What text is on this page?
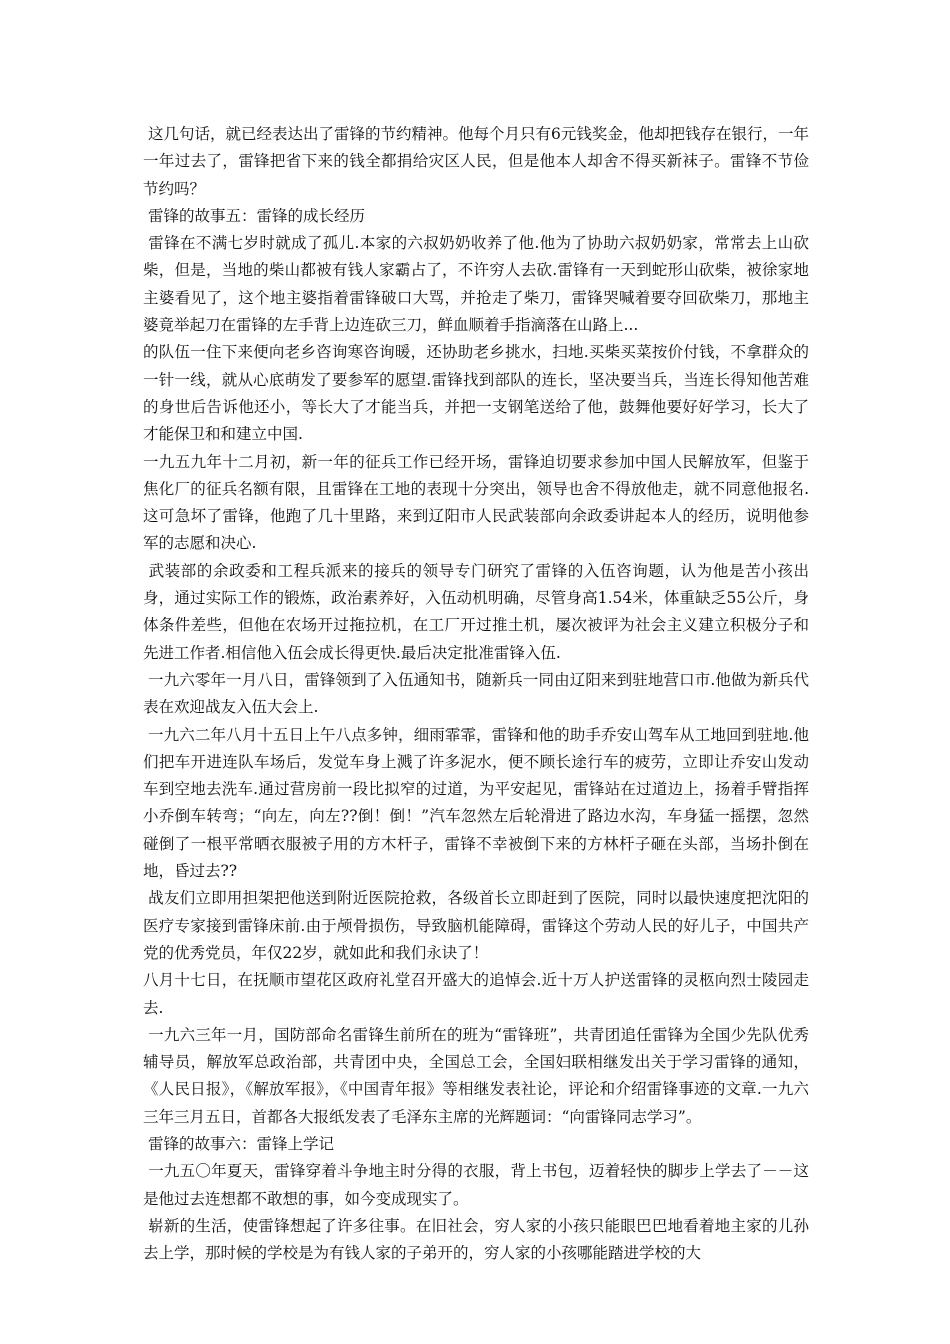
这几句话，就已经表达出了雷锋的节约精神。他每个月只有6元钱奖金，他却把钱存在银行，一年一年过去了，雷锋把省下来的钱全都捐给灾区人民，但是他本人却舍不得买新袜子。雷锋不节俭节约吗？

雷锋的故事五：雷锋的成长经历

雷锋在不满七岁时就成了孤儿.本家的六叔奶奶收养了他.他为了协助六叔奶奶家，常常去上山砍柴，但是，当地的柴山都被有钱人家霸占了，不许穷人去砍.雷锋有一天到蛇形山砍柴，被徐家地主婆看见了，这个地主婆指着雷锋破口大骂，并抢走了柴刀，雷锋哭喊着要夺回砍柴刀，那地主婆竟举起刀在雷锋的左手背上边连砍三刀，鲜血顺着手指滴落在山路上...

的队伍一住下来便向老乡咨询寒咨询暖，还协助老乡挑水，扫地.买柴买菜按价付钱，不拿群众的一针一线，就从心底萌发了要参军的愿望.雷锋找到部队的连长，坚决要当兵，当连长得知他苦难的身世后告诉他还小，等长大了才能当兵，并把一支钢笔送给了他，鼓舞他要好好学习，长大了才能保卫和和建立中国.

一九五九年十二月初，新一年的征兵工作已经开场，雷锋迫切要求参加中国人民解放军，但鉴于焦化厂的征兵名额有限，且雷锋在工地的表现十分突出，领导也舍不得放他走，就不同意他报名.这可急坏了雷锋，他跑了几十里路，来到辽阳市人民武装部向余政委讲起本人的经历，说明他参军的志愿和决心.

武装部的余政委和工程兵派来的接兵的领导专门研究了雷锋的入伍咨询题，认为他是苦小孩出身，通过实际工作的锻炼，政治素养好，入伍动机明确，尽管身高1.54米，体重缺乏55公斤，身体条件差些，但他在农场开过拖拉机，在工厂开过推土机，屡次被评为社会主义建立积极分子和先进工作者.相信他入伍会成长得更快.最后决定批准雷锋入伍.

一九六零年一月八日，雷锋领到了入伍通知书，随新兵一同由辽阳来到驻地营口市.他做为新兵代表在欢迎战友入伍大会上.

一九六二年八月十五日上午八点多钟，细雨霏霏，雷锋和他的助手乔安山驾车从工地回到驻地.他们把车开进连队车场后，发觉车身上溅了许多泥水，便不顾长途行车的疲劳，立即让乔安山发动车到空地去洗车.通过营房前一段比拟窄的过道，为平安起见，雷锋站在过道边上，扬着手臂指挥小乔倒车转弯；“向左，向左??倒！倒！”汽车忽然左后轮滑进了路边水沟，车身猛一摇摆，忽然碰倒了一根平常晒衣服被子用的方木杆子，雷锋不幸被倒下来的方林杆子砸在头部，当场扑倒在地，昏过去??

战友们立即用担架把他送到附近医院抢救，各级首长立即赶到了医院，同时以最快速度把沈阳的医疗专家接到雷锋床前.由于颅骨损伤，导致脑机能障碍，雷锋这个劳动人民的好儿子，中国共产党的优秀党员，年仅22岁，就如此和我们永诀了！

八月十七日，在抚顺市望花区政府礼堂召开盛大的追悼会.近十万人护送雷锋的灵柩向烈士陵园走去.

一九六三年一月，国防部命名雷锋生前所在的班为“雷锋班”，共青团追任雷锋为全国少先队优秀辅导员，解放军总政治部，共青团中央，全国总工会，全国妇联相继发出关于学习雷锋的通知，《人民日报》，《解放军报》，《中国青年报》等相继发表社论，评论和介绍雷锋事迹的文章.一九六三年三月五日，首都各大报纸发表了毛泽东主席的光辉题词：“向雷锋同志学习”。

雷锋的故事六：雷锋上学记

一九五〇年夏天，雷锋穿着斗争地主时分得的衣服，背上书包，迈着轻快的脚步上学去了－－这是他过去连想都不敢想的事，如今变成现实了。

崭新的生活，使雷锋想起了许多往事。在旧社会，穷人家的小孩只能眼巴巴地看着地主家的儿孙去上学，那时候的学校是为有钱人家的子弟开的，穷人家的小孩哪能踏进学校的大
